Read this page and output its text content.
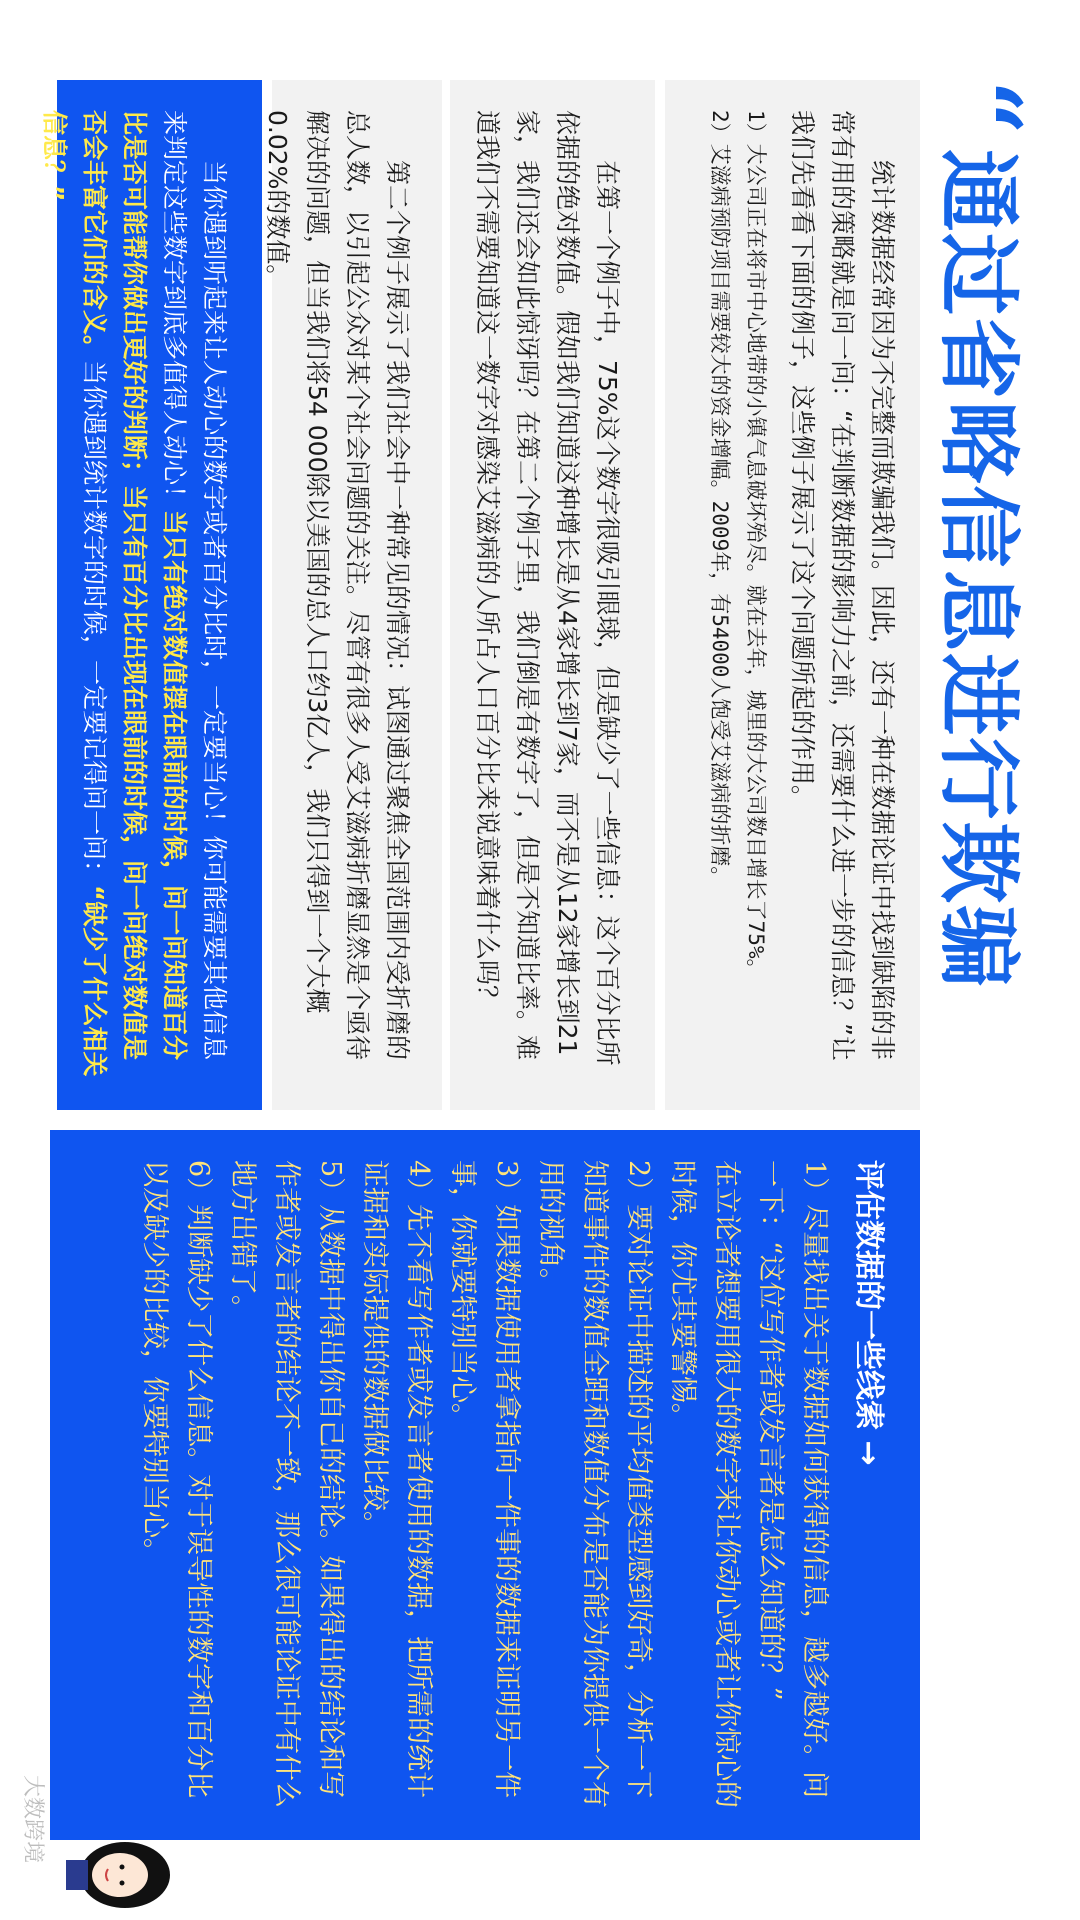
“
通过省略信息进行欺骗

统计数据经常因为不完整而欺骗我们。因此，还有一种在数据论证中找到缺陷的非常有用的策略就是问一问：“在判断数据的影响力之前，还需要什么进一步的信息？”让我们先看看下面的例子，这些例子展示了这个问题所起的作用。

1）大公司正在将市中心地带的小镇气息破坏殆尽。就在去年，城里的大公司数目增长了75%。

2）艾滋病预防项目需要较大的资金增幅。2009年，有54000人饱受艾滋病的折磨。

在第一个例子中，75%这个数字很吸引眼球，但是缺少了一些信息：这个百分比所依据的绝对数值。假如我们知道这种增长是从4家增长到7家，而不是从12家增长到21家，我们还会如此惊讶吗？在第二个例子里，我们倒是有数字了，但是不知道比率。难道我们不需要知道这一数字对感染艾滋病的人所占人口百分比来说意味着什么吗？

第二个例子展示了我们社会中一种常见的情况：试图通过聚焦全国范围内受折磨的总人数，以引起公众对某个社会问题的关注。尽管有很多人受艾滋病折磨显然是个亟待解决的问题，但当我们将54 000除以美国的总人口约3亿人，我们只得到一个大概0.02%的数值。

当你遇到听起来让人动心的数字或者百分比时，一定要当心！你可能需要其他信息来判定这些数字到底多值得人动心！当只有绝对数值摆在眼前的时候，问一问知道百分比是否可能帮你做出更好的判断；当只有百分比出现在眼前的时候，问一问绝对数值是否会丰富它们的含义。当你遇到统计数字的时候，一定要记得问一问：“缺少了什么相关信息？”

评估数据的一些线索 →

1）尽量找出关于数据如何获得的信息，越多越好。问一下：“这位写作者或发言者是怎么知道的？”

在立论者想要用很大的数字来让你动心或者让你惊心的时候，你尤其要警惕。

2）要对论证中描述的平均值类型感到好奇，分析一下知道事件的数值全距和数值分布是否能为你提供一个有用的视角。

3）如果数据使用者拿指向一件事的数据来证明另一件事，你就要特别当心。

4）先不看写作者或发言者使用的数据，把所需的统计证据和实际提供的数据做比较。

5）从数据中得出你自己的结论。如果得出的结论和写作者或发言者的结论不一致，那么很可能论证中有什么地方出错了。

6）判断缺少了什么信息。对于误导性的数字和百分比以及缺少的比较，你要特别当心。

大数跨境
